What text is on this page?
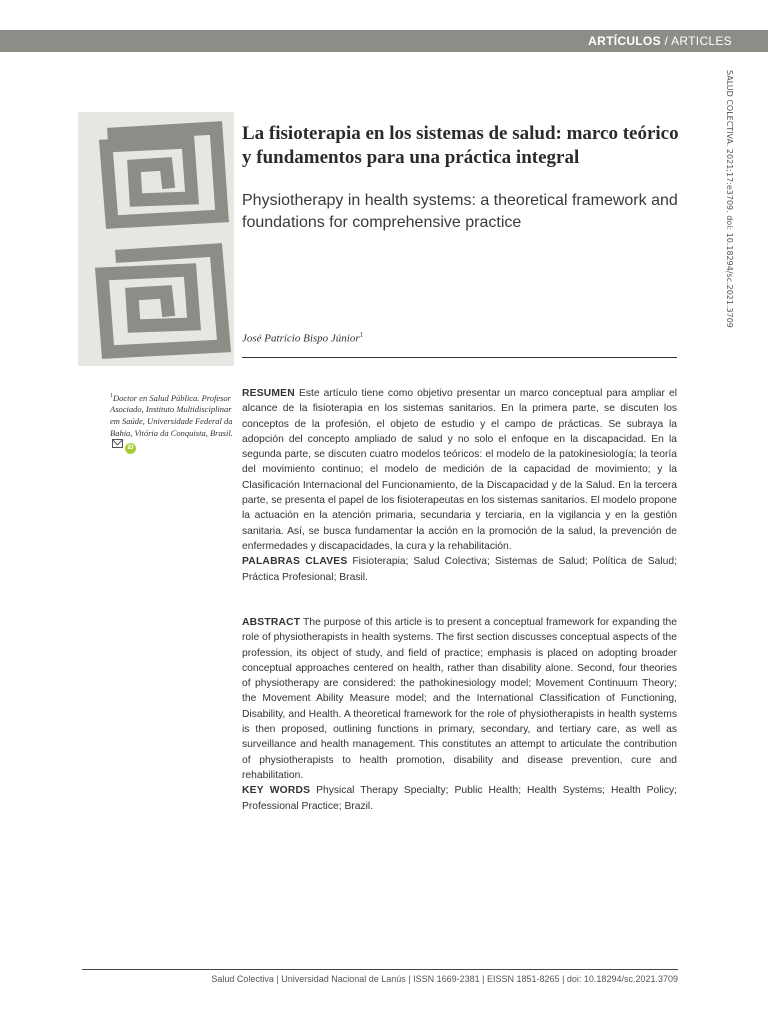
ARTÍCULOS / ARTICLES
SALUD COLECTIVA. 2021;17:e3709. doi: 10.18294/sc.2021.3709
La fisioterapia en los sistemas de salud: marco teórico y fundamentos para una práctica integral
Physiotherapy in health systems: a theoretical framework and foundations for comprehensive practice
José Patrício Bispo Júnior$^1$
$^1$Doctor en Salud Pública. Profesor Asociado, Instituto Multidisciplinar em Saúde, Universidade Federal da Bahia, Vitória da Conquista, Brasil.iD

RESUMEN Este artículo tiene como objetivo presentar un marco conceptual para ampliar el alcance de la fisioterapia en los sistemas sanitarios. En la primera parte, se discuten los conceptos de la profesión, el objeto de estudio y el campo de prácticas. Se subraya la adopción del concepto ampliado de salud y no solo el enfoque en la discapacidad. En la segunda parte, se discuten cuatro modelos teóricos: el modelo de la patokinesiología; la teoría del movimiento continuo; el modelo de medición de la capacidad de movimiento; y la Clasificación Internacional del Funcionamiento, de la Discapacidad y de la Salud. En la tercera parte, se presenta el papel de los fisioterapeutas en los sistemas sanitarios. El modelo propone la actuación en la atención primaria, secundaria y terciaria, en la vigilancia y en la gestión sanitaria. Así, se busca fundamentar la acción en la promoción de la salud, la prevención de enfermedades y discapacidades, la cura y la rehabilitación.
PALABRAS CLAVES Fisioterapia; Salud Colectiva; Sistemas de Salud; Política de Salud; Práctica Profesional; Brasil.

ABSTRACT The purpose of this article is to present a conceptual framework for expanding the role of physiotherapists in health systems. The first section discusses conceptual aspects of the profession, its object of study, and field of practice; emphasis is placed on adopting broader conceptual approaches centered on health, rather than disability alone. Second, four theories of physiotherapy are considered: the pathokinesiology model; Movement Continuum Theory; the Movement Ability Measure model; and the International Classification of Functioning, Disability, and Health. A theoretical framework for the role of physiotherapists in health systems is then proposed, outlining functions in primary, secondary, and tertiary care, as well as surveillance and health management. This constitutes an attempt to articulate the contribution of physiotherapists to health promotion, disability and disease prevention, cure and rehabilitation.
KEY WORDS Physical Therapy Specialty; Public Health; Health Systems; Health Policy; Professional Practice; Brazil.

Salud Colectiva | Universidad Nacional de Lanús | ISSN 1669-2381 | EISSN 1851-8265 | doi: 10.18294/sc.2021.3709
